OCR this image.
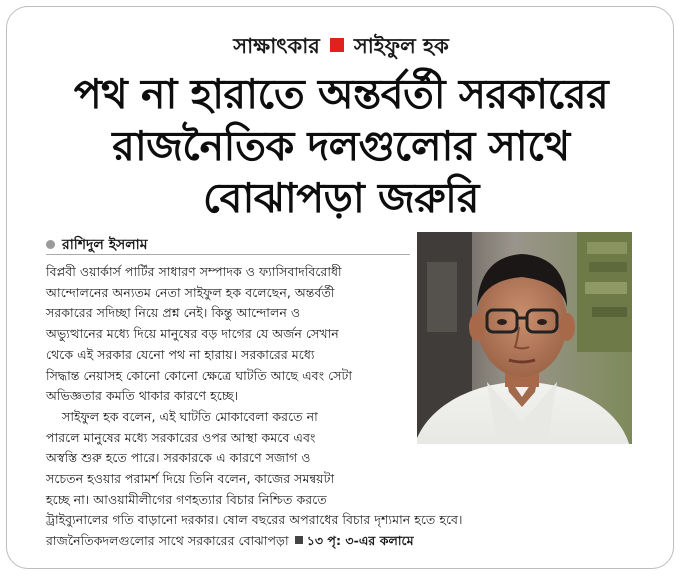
সাক্ষাৎকার সাইফুল হক
পথ না হারাতে অন্তর্বর্তী সরকারের
রাজনৈতিক দলগুলোর সাথে
বোঝাপড়া জরুরি
রাশিদুল ইসলাম
বিপ্লবী ওয়ার্কার্স পার্টির সাধারণ সম্পাদক ও ফ্যাসিবাদবিরোধী
আন্দোলনের অন্যতম নেতা সাইফুল হক বলেছেন, অন্তর্বর্তী
সরকারের সদিচ্ছা নিয়ে প্রশ্ন নেই। কিন্তু আন্দোলন ও
অভ্যুত্থানের মধ্যে দিয়ে মানুষের বড় দাগের যে অর্জন সেখান
থেকে এই সরকার যেনো পথ না হারায়। সরকারের মধ্যে
সিদ্ধান্ত নেয়াসহ কোনো কোনো ক্ষেত্রে ঘাটতি আছে এবং সেটা
অভিজ্ঞতার কমতি থাকার কারণে হচ্ছে।
সাইফুল হক বলেন, এই ঘাটতি মোকাবেলা করতে না
পারলে মানুষের মধ্যে সরকারের ওপর আস্থা কমবে এবং
অস্বস্তি শুরু হতে পারে। সরকারকে এ কারণে সজাগ ও
সচেতন হওয়ার পরামর্শ দিয়ে তিনি বলেন, কাজের সমন্বয়টা
হচ্ছে না। আওয়ামীলীগের গণহত্যার বিচার নিশ্চিত করতে
ট্রাইব্যুনালের গতি বাড়ানো দরকার। ষোল বছরের অপরাধের বিচার দৃশ্যমান হতে হবে।
রাজনৈতিকদলগুলোর সাথে সরকারের বোঝাপড়া ১৩ পৃ: ৩-এর কলামে
